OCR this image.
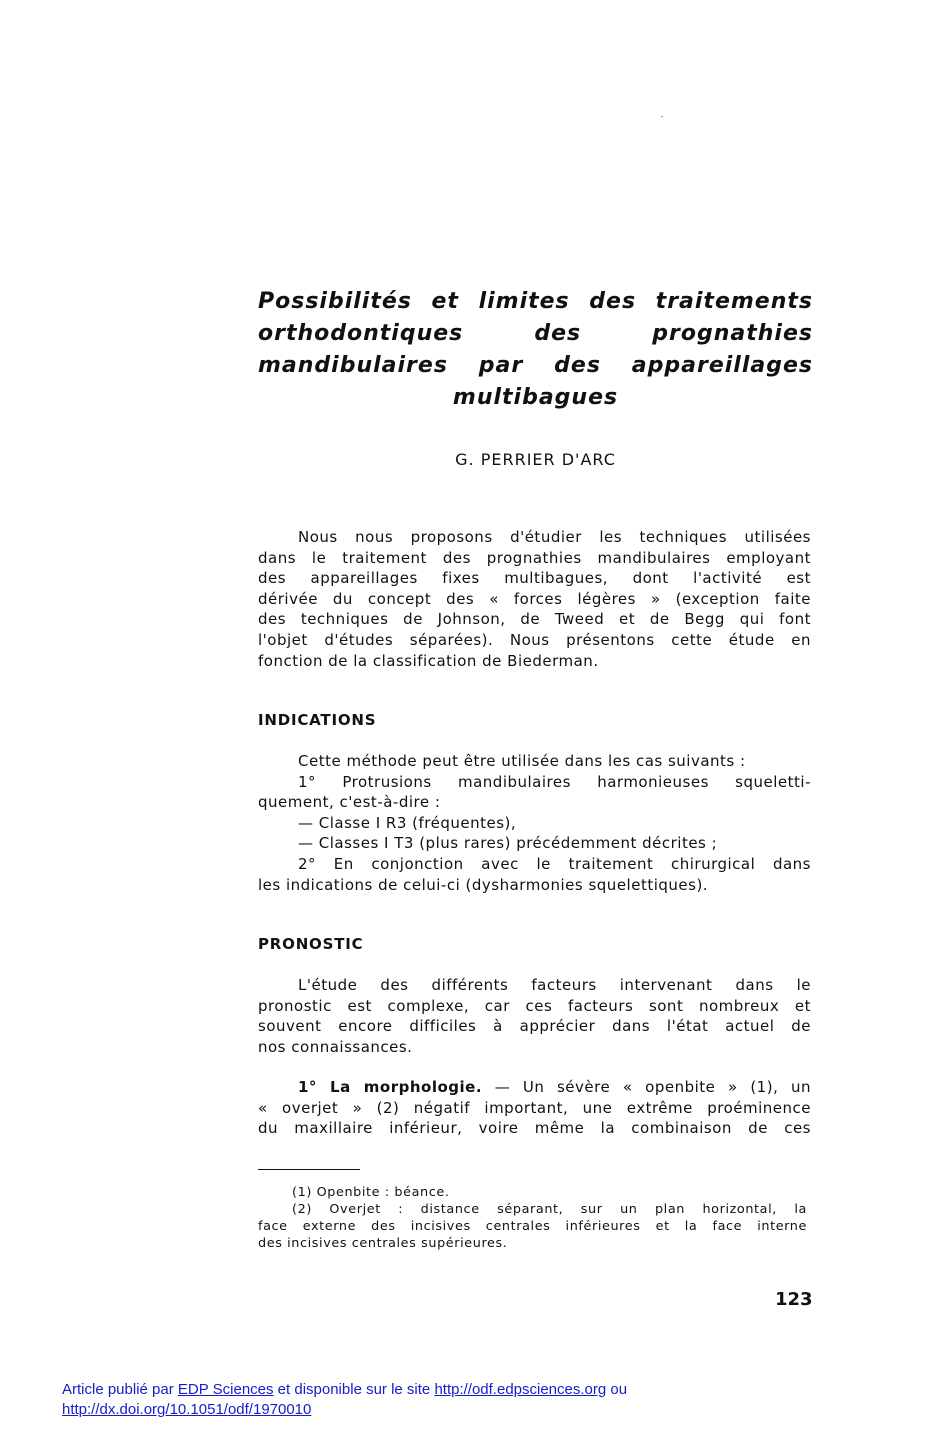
Possibilités et limites des traitements
orthodontiques des prognathies
mandibulaires par des appareillages
multibagues

G. PERRIER D'ARC

Nous nous proposons d'étudier les techniques utilisées
dans le traitement des prognathies mandibulaires employant
des appareillages fixes multibagues, dont l'activité est
dérivée du concept des « forces légères » (exception faite
des techniques de Johnson, de Tweed et de Begg qui font
l'objet d'études séparées). Nous présentons cette étude en
fonction de la classification de Biederman.
INDICATIONS
Cette méthode peut être utilisée dans les cas suivants :
1° Protrusions mandibulaires harmonieuses squeletti-
quement, c'est-à-dire :
— Classe I R3 (fréquentes),
— Classes I T3 (plus rares) précédemment décrites ;
2° En conjonction avec le traitement chirurgical dans
les indications de celui-ci (dysharmonies squelettiques).
PRONOSTIC
L'étude des différents facteurs intervenant dans le
pronostic est complexe, car ces facteurs sont nombreux et
souvent encore difficiles à apprécier dans l'état actuel de
nos connaissances.
1° La morphologie. — Un sévère « openbite » (1), un
« overjet » (2) négatif important, une extrême proéminence
du maxillaire inférieur, voire même la combinaison de ces
(1) Openbite : béance.
(2) Overjet : distance séparant, sur un plan horizontal, la
face externe des incisives centrales inférieures et la face interne
des incisives centrales supérieures.

123

Article publié par EDP Sciences et disponible sur le site http://odf.edpsciences.org ou
http://dx.doi.org/10.1051/odf/1970010
